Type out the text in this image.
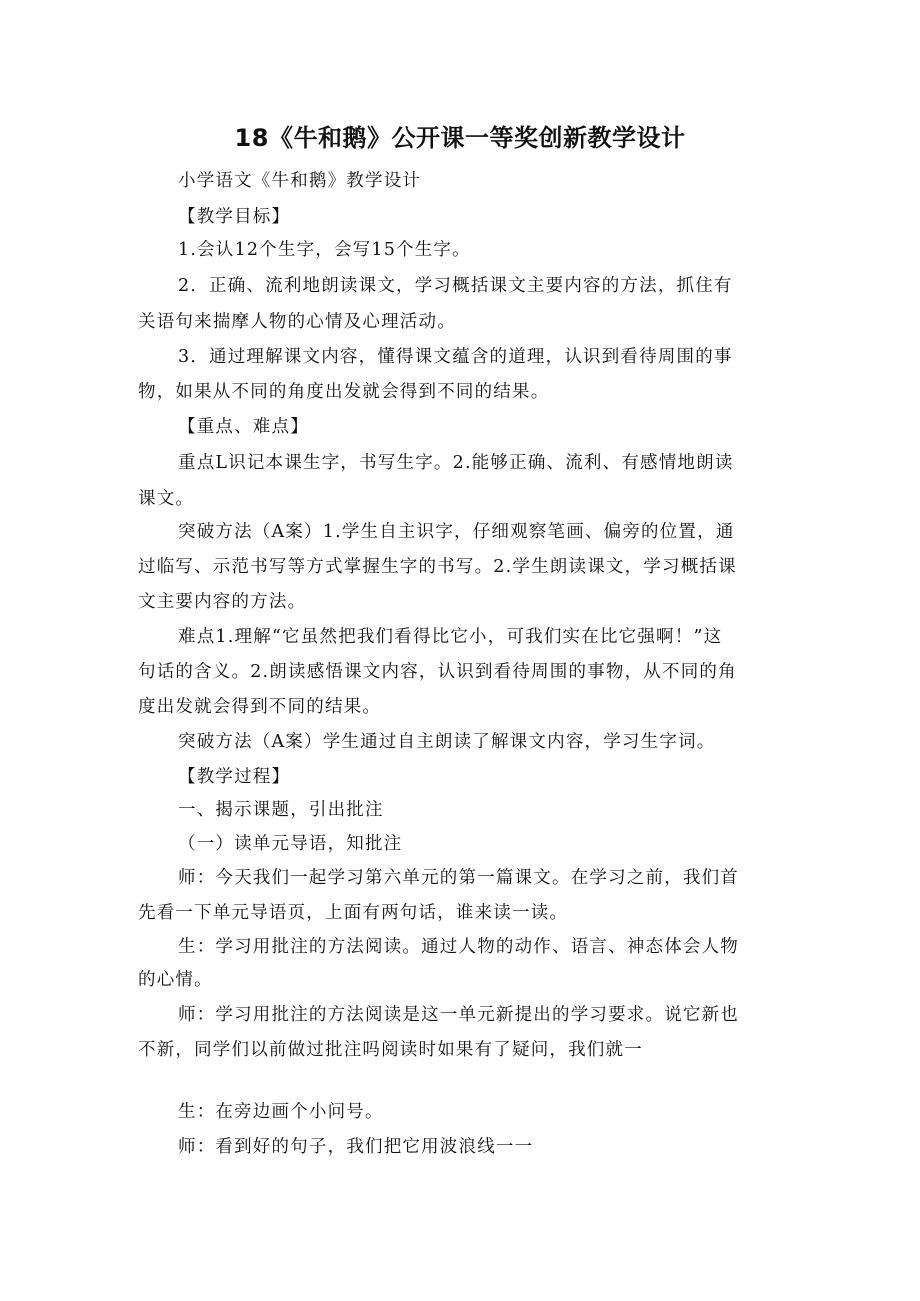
18《牛和鹅》公开课一等奖创新教学设计
小学语文《牛和鹅》教学设计
【教学目标】
1.会认12个生字，会写15个生字。
2．正确、流利地朗读课文，学习概括课文主要内容的方法，抓住有
关语句来揣摩人物的心情及心理活动。
3．通过理解课文内容，懂得课文蕴含的道理，认识到看待周围的事
物，如果从不同的角度出发就会得到不同的结果。
【重点、难点】
重点L识记本课生字，书写生字。2.能够正确、流利、有感情地朗读
课文。
突破方法（A案）1.学生自主识字，仔细观察笔画、偏旁的位置，通
过临写、示范书写等方式掌握生字的书写。2.学生朗读课文，学习概括课
文主要内容的方法。
难点1.理解“它虽然把我们看得比它小，可我们实在比它强啊！”这
句话的含义。2.朗读感悟课文内容，认识到看待周围的事物，从不同的角
度出发就会得到不同的结果。
突破方法（A案）学生通过自主朗读了解课文内容，学习生字词。
【教学过程】
一、揭示课题，引出批注
（一）读单元导语，知批注
师：今天我们一起学习第六单元的第一篇课文。在学习之前，我们首
先看一下单元导语页，上面有两句话，谁来读一读。
生：学习用批注的方法阅读。通过人物的动作、语言、神态体会人物
的心情。
师：学习用批注的方法阅读是这一单元新提出的学习要求。说它新也
不新，同学们以前做过批注吗阅读时如果有了疑问，我们就一
生：在旁边画个小问号。
师：看到好的句子，我们把它用波浪线一一
